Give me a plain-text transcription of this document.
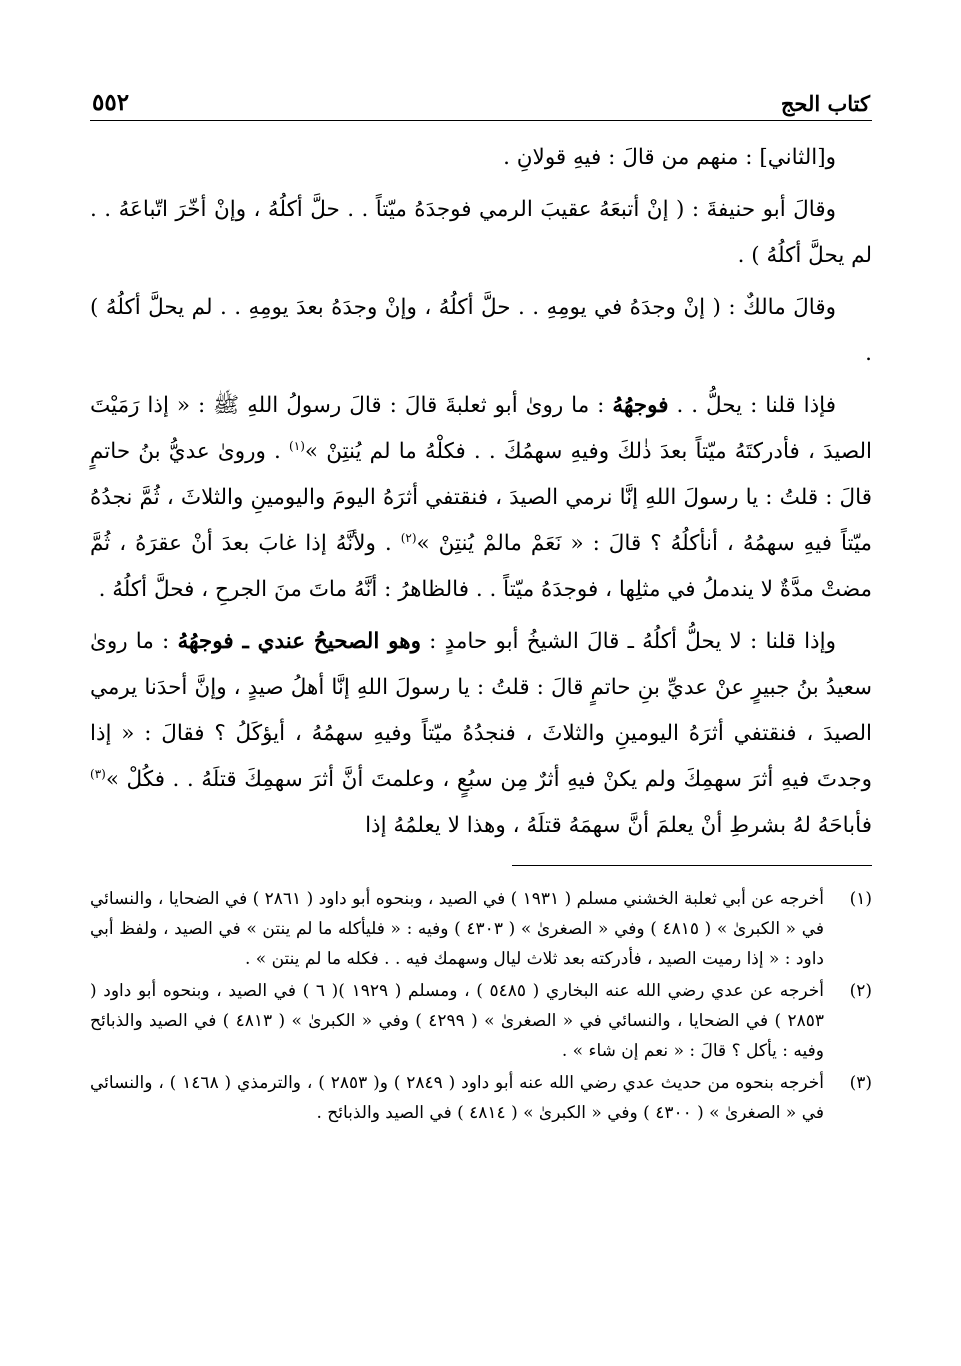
كتاب الحج
٥٥٢

و[الثاني] : منهم من قالَ : فيهِ قولانِ .

وقالَ أبو حنيفةَ : ( إنْ أتبعَهُ عقيبَ الرمي فوجدَهُ ميّتاً . . حلَّ أكلُهُ ، وإنْ أخّرَ اتّباعَهُ . . لم يحلَّ أكلُهُ ) .

وقالَ مالكٌ : ( إنْ وجدَهُ في يومِهِ . . حلَّ أكلُهُ ، وإنْ وجدَهُ بعدَ يومِهِ . . لم يحلَّ أكلُهُ ) .

فإذا قلنا : يحلُّ . . فوجهُهُ : ما روىٰ أبو ثعلبةَ قالَ : قالَ رسولُ اللهِ ﷺ : « إذا رَمَيْتَ الصيدَ ، فأدركتَهُ ميّتاً بعدَ ذٰلكَ وفيهِ سهمُكَ . . فكلْهُ ما لم يُنتِنْ »$^{(١)}$ . وروىٰ عديُّ بنُ حاتمٍ قالَ : قلتُ : يا رسولَ اللهِ إنَّا نرمي الصيدَ ، فنقتفي أثرَهُ اليومَ واليومينِ والثلاثَ ، ثُمَّ نجدُهُ ميّتاً فيهِ سهمُهُ ، أنأكلُهُ ؟ قالَ : « نَعَمْ مالمْ يُنتِنْ »$^{(٢)}$ . ولأنَّهُ إذا غابَ بعدَ أنْ عقرَهُ ، ثُمَّ مضتْ مدَّةٌ لا يندملُ في مثلِها ، فوجدَهُ ميّتاً . . فالظاهرُ : أنَّهُ ماتَ منَ الجرحِ ، فحلَّ أكلُهُ .

وإذا قلنا : لا يحلُّ أكلُهُ ـ قالَ الشيخُ أبو حامدٍ : وهو الصحيحُ عندي ـ فوجهُهُ : ما روىٰ سعيدُ بنُ جبيرٍ عنْ عديِّ بنِ حاتمٍ قالَ : قلتُ : يا رسولَ اللهِ إنَّا أهلُ صيدٍ ، وإنَّ أحدَنا يرمي الصيدَ ، فنقتفي أثرَهُ اليومينِ والثلاثَ ، فنجدُهُ ميّتاً وفيهِ سهمُهُ ، أيؤكَلُ ؟ فقالَ : « إذا وجدتَ فيهِ أثرَ سهمِكَ ولم يكنْ فيهِ أثرٌ مِن سبُعٍ ، وعلمتَ أنَّ أثرَ سهمِكَ قتلَهُ . . فكُلْ »$^{(٣)}$ فأباحَهُ لهُ بشرطِ أنْ يعلمَ أنَّ سهمَهُ قتلَهُ ، وهذا لا يعلمُهُ إذا

(١)
أخرجه عن أبي ثعلبة الخشني مسلم ( ١٩٣١ ) في الصيد ، وبنحوه أبو داود ( ٢٨٦١ ) في الضحايا ، والنسائي في « الكبرىٰ » ( ٤٨١٥ ) وفي « الصغرىٰ » ( ٤٣٠٣ ) وفيه : « فليأكله ما لم ينتن » في الصيد ، ولفظ أبي داود : « إذا رميت الصيد ، فأدركته بعد ثلاث ليال وسهمك فيه . . فكله ما لم ينتن » .
(٢)
أخرجه عن عدي رضي الله عنه البخاري ( ٥٤٨٥ ) ، ومسلم ( ١٩٢٩ )( ٦ ) في الصيد ، وبنحوه أبو داود ( ٢٨٥٣ ) في الضحايا ، والنسائي في « الصغرىٰ » ( ٤٢٩٩ ) وفي « الكبرىٰ » ( ٤٨١٣ ) في الصيد والذبائح وفيه : يأكل ؟ قالَ : « نعم إن شاء » .
(٣)
أخرجه بنحوه من حديث عدي رضي الله عنه أبو داود ( ٢٨٤٩ ) و( ٢٨٥٣ ) ، والترمذي ( ١٤٦٨ ) ، والنسائي في « الصغرىٰ » ( ٤٣٠٠ ) وفي « الكبرىٰ » ( ٤٨١٤ ) في الصيد والذبائح .
